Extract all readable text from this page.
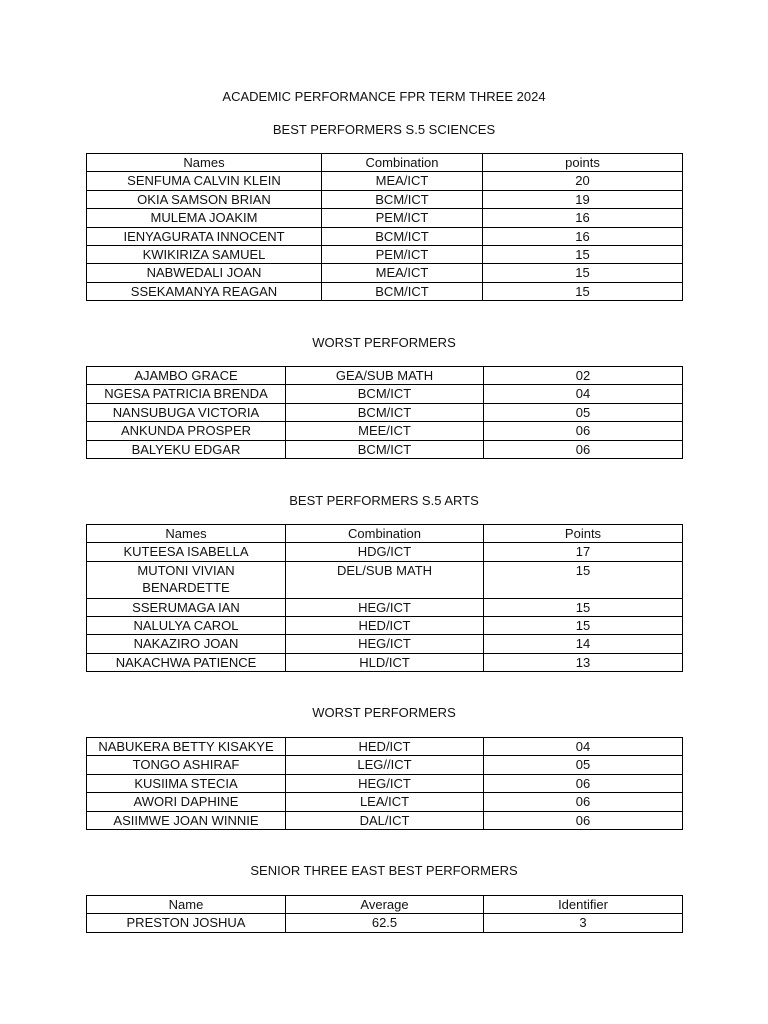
ACADEMIC PERFORMANCE FPR TERM THREE 2024
BEST PERFORMERS S.5 SCIENCES
Names	Combination	points
SENFUMA CALVIN KLEIN	MEA/ICT	20
OKIA SAMSON BRIAN	BCM/ICT	19
MULEMA JOAKIM	PEM/ICT	16
IENYAGURATA INNOCENT	BCM/ICT	16
KWIKIRIZA SAMUEL	PEM/ICT	15
NABWEDALI JOAN	MEA/ICT	15
SSEKAMANYA REAGAN	BCM/ICT	15
WORST PERFORMERS
AJAMBO GRACE	GEA/SUB MATH	02
NGESA PATRICIA BRENDA	BCM/ICT	04
NANSUBUGA VICTORIA	BCM/ICT	05
ANKUNDA PROSPER	MEE/ICT	06
BALYEKU EDGAR	BCM/ICT	06
BEST PERFORMERS S.5 ARTS
Names	Combination	Points
KUTEESA ISABELLA	HDG/ICT	17
MUTONI VIVIAN BENARDETTE	DEL/SUB MATH	15
SSERUMAGA IAN	HEG/ICT	15
NALULYA CAROL	HED/ICT	15
NAKAZIRO JOAN	HEG/ICT	14
NAKACHWA PATIENCE	HLD/ICT	13
WORST PERFORMERS
NABUKERA BETTY KISAKYE	HED/ICT	04
TONGO ASHIRAF	LEG//ICT	05
KUSIIMA STECIA	HEG/ICT	06
AWORI DAPHINE	LEA/ICT	06
ASIIMWE JOAN WINNIE	DAL/ICT	06
SENIOR THREE EAST BEST PERFORMERS
Name	Average	Identifier
PRESTON JOSHUA	62.5	3
